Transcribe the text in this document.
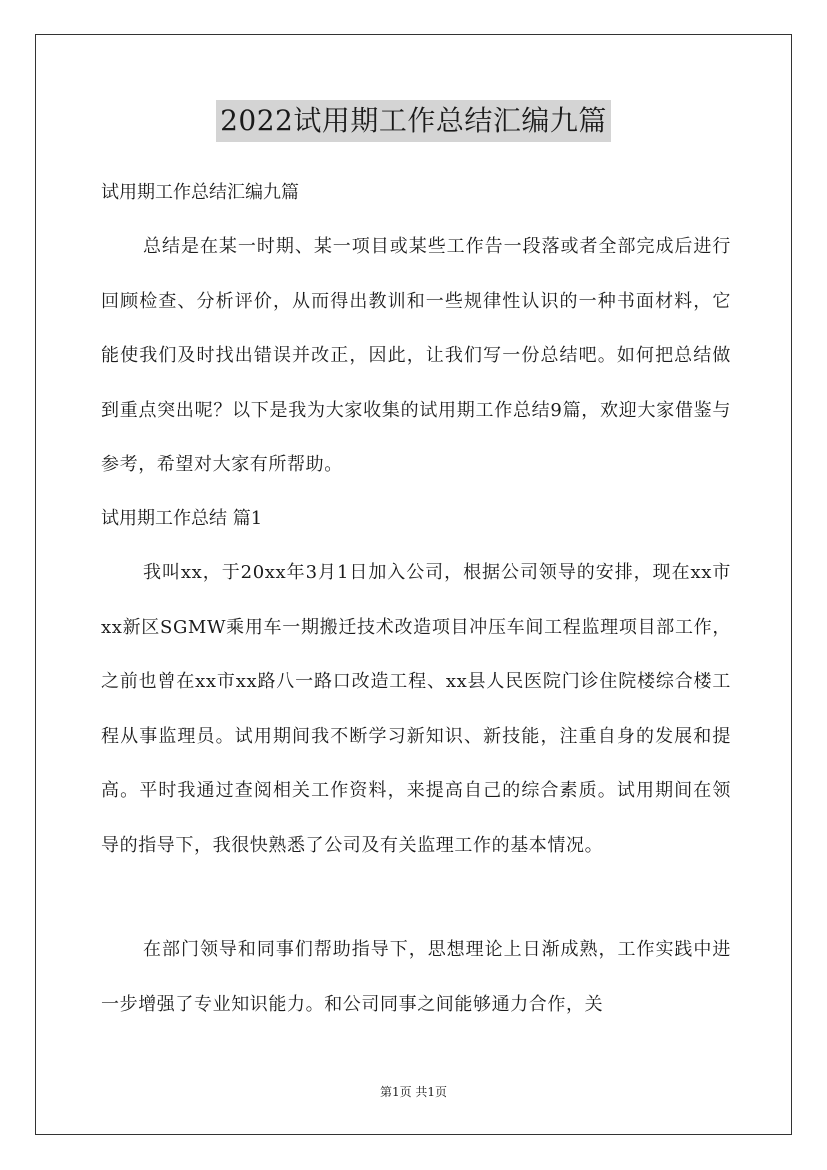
2022试用期工作总结汇编九篇
试用期工作总结汇编九篇

总结是在某一时期、某一项目或某些工作告一段落或者全部完成后进行回顾检查、分析评价，从而得出教训和一些规律性认识的一种书面材料，它能使我们及时找出错误并改正，因此，让我们写一份总结吧。如何把总结做到重点突出呢？以下是我为大家收集的试用期工作总结9篇，欢迎大家借鉴与参考，希望对大家有所帮助。

试用期工作总结 篇1

我叫xx，于20xx年3月1日加入公司，根据公司领导的安排，现在xx市xx新区SGMW乘用车一期搬迁技术改造项目冲压车间工程监理项目部工作，之前也曾在xx市xx路八一路口改造工程、xx县人民医院门诊住院楼综合楼工程从事监理员。试用期间我不断学习新知识、新技能，注重自身的发展和提高。平时我通过查阅相关工作资料，来提高自己的综合素质。试用期间在领导的指导下，我很快熟悉了公司及有关监理工作的基本情况。

在部门领导和同事们帮助指导下，思想理论上日渐成熟，工作实践中进一步增强了专业知识能力。和公司同事之间能够通力合作，关

第1页 共1页
